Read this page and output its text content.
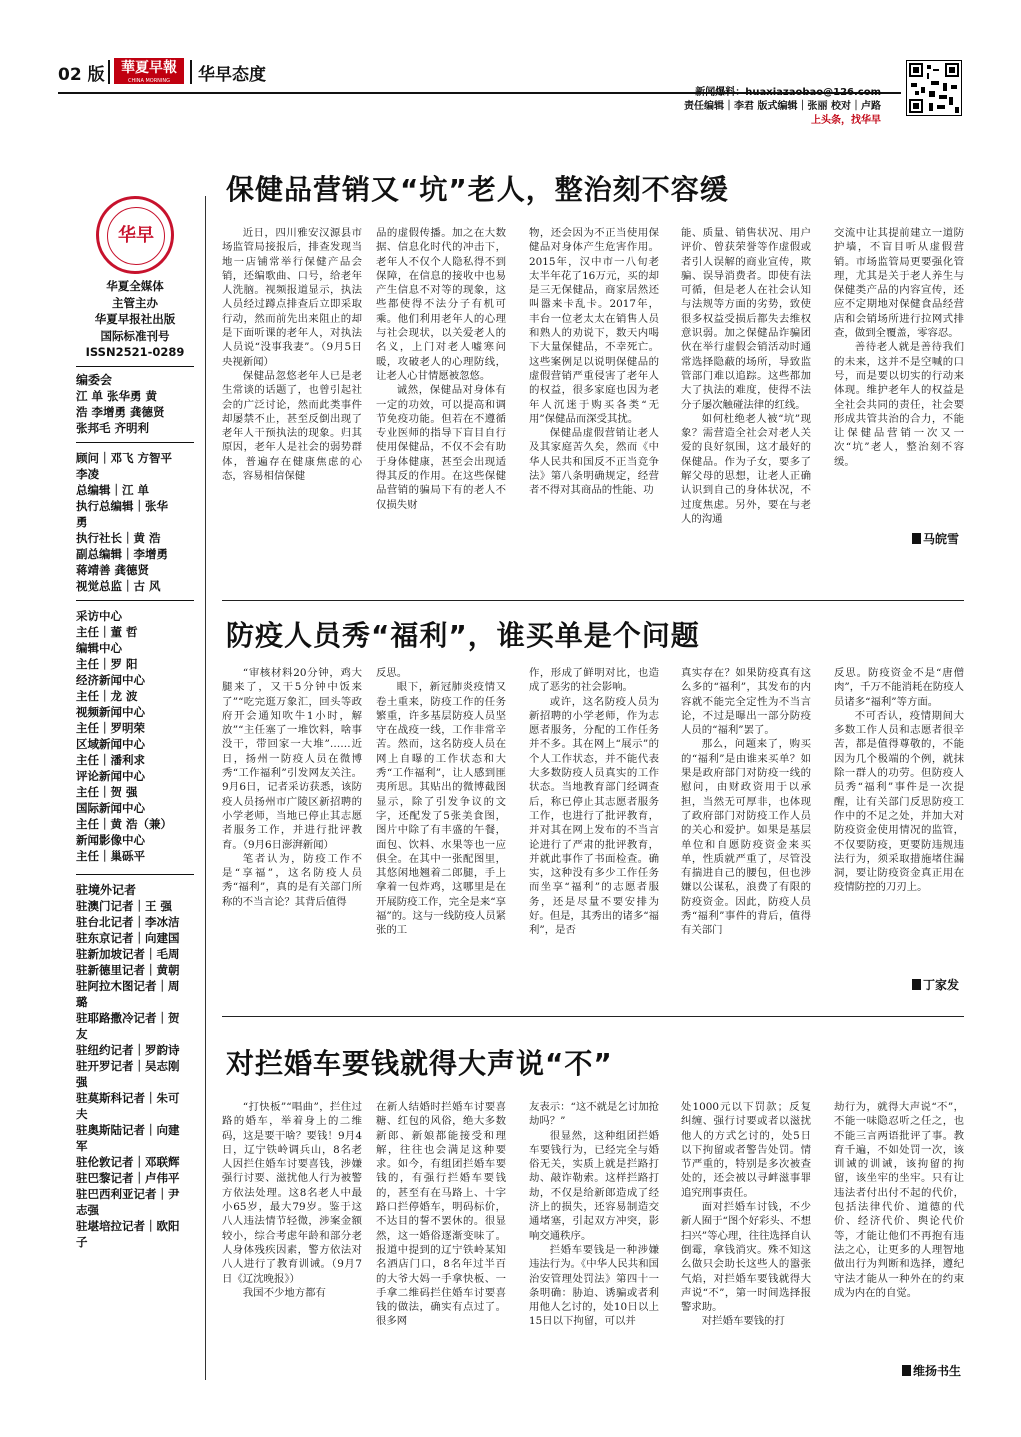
02 版	華夏早報
CHINA MORNING NEWSPAPER
华早态度
新闻爆料：huaxiazaobao@126.com
责任编辑｜李君 版式编辑｜张丽 校对｜卢路
上头条，找华早
华早
华夏全媒体
主管主办
华夏早报社出版
国际标准刊号
ISSN2521-0289
编委会
江 单 张华勇 黄
浩 李增勇 龚德贤
张邦毛 齐明利
顾问｜邓飞 方智平
李凌
总编辑｜江 单
执行总编辑｜张华
勇
执行社长｜黄 浩
副总编辑｜李增勇
蒋靖善 龚德贤
视觉总监｜古 风
采访中心
主任｜董 哲
编辑中心
主任｜罗 阳
经济新闻中心
主任｜龙 波
视频新闻中心
主任｜罗明荣
区域新闻中心
主任｜潘利求
评论新闻中心
主任｜贺 强
国际新闻中心
主任｜黄 浩（兼）
新闻影像中心
主任｜巢砾平
驻境外记者
驻澳门记者｜王 强
驻台北记者｜李冰洁
驻东京记者｜向建国
驻新加坡记者｜毛周
驻新德里记者｜黄朝
驻阿拉木图记者｜周
璐
驻耶路撒冷记者｜贺
友
驻纽约记者｜罗韵诗
驻开罗记者｜吴志刚
强
驻莫斯科记者｜朱可
夫
驻奥斯陆记者｜向建
军
驻伦敦记者｜邓联辉
驻巴黎记者｜卢伟平
驻巴西利亚记者｜尹
志强
驻堪培拉记者｜欧阳
子
保健品营销又“坑”老人，整治刻不容缓

近日，四川雅安汉源县市场监管局接报后，排查发现当地一店铺常举行保健产品会销，还编歌曲、口号，给老年人洗脑。视频报道显示，执法人员经过蹲点排查后立即采取行动，然而前先出来阻止的却是下面听课的老年人，对执法人员说“没事我妻”。（9月5日央视新闻）

保健品忽悠老年人已是老生常谈的话题了，也曾引起社会的广泛讨论，然而此类事件却屡禁不止，甚至反倒出现了老年人干预执法的现象。归其原因，老年人是社会的弱势群体，普遍存在健康焦虑的心态，容易相信保健

品的虚假传播。加之在大数据、信息化时代的冲击下，老年人不仅个人隐私得不到保障，在信息的接收中也易产生信息不对等的现象，这些都使得不法分子有机可乘。他们利用老年人的心理与社会现状，以关爱老人的名义，上门对老人嘘寒问暖，攻破老人的心理防线，让老人心甘情愿被忽悠。

诚然，保健品对身体有一定的功效，可以提高和调节免疫功能。但若在不遵循专业医师的指导下盲目自行使用保健品，不仅不会有助于身体健康，甚至会出现适得其反的作用。在这些保健品营销的骗局下有的老人不仅损失财

物，还会因为不正当使用保健品对身体产生危害作用。2015年，汉中市一八旬老太半年花了16万元，买的却是三无保健品，商家居然还叫嚣来卡乱卡。2017年，丰台一位老太太在销售人员和熟人的劝说下，数天内喝下大量保健品，不幸死亡。这些案例足以说明保健品的虚假营销严重侵害了老年人的权益，很多家庭也因为老年人沉迷于购买各类“无用”保健品而深受其扰。

保健品虚假营销让老人及其家庭苦久矣，然而《中华人民共和国反不正当竞争法》第八条明确规定，经营者不得对其商品的性能、功

能、质量、销售状况、用户评价、曾获荣誉等作虚假或者引人误解的商业宣传，欺骗、误导消费者。即使有法可循，但是老人在社会认知与法规等方面的劣势，致使很多权益受损后都失去维权意识弱。加之保健品诈骗团伙在举行虚假会销活动时通常选择隐蔽的场所，导致监管部门难以追踪。这些都加大了执法的难度，使得不法分子屡次触碰法律的红线。

如何杜绝老人被“坑”现象？需营造全社会对老人关爱的良好氛围，这才最好的保健品。作为子女，要多了解父母的思想，让老人正确认识到自己的身体状况，不过度焦虑。另外，要在与老人的沟通

交流中让其提前建立一道防护墙，不盲目听从虚假营销。市场监管局更要强化管理，尤其是关于老人养生与保健类产品的内容宣传，还应不定期地对保健食品经营店和会销场所进行拉网式排查，做到全覆盖，零容忍。

善待老人就是善待我们的未来，这并不是空喊的口号，而是要以切实的行动来体现。维护老年人的权益是全社会共同的责任，社会要形成共管共治的合力，不能让保健品营销一次又一次“坑”老人，整治刻不容缓。

马皖雪
防疫人员秀“福利”，谁买单是个问题

“审核材料20分钟，鸡大腿来了，又干5分钟中饭来了”“吃完逛万象汇，回头等政府开会通知吹牛1小时，解放”“主任塞了一堆饮料，啥事没干，带回家一大堆”……近日，扬州一防疫人员在微博秀“工作福利”引发网友关注。9月6日，记者采访获悉，该防疫人员扬州市广陵区新招聘的小学老师，当地已停止其志愿者服务工作，并进行批评教育。（9月6日澎湃新闻）

笔者认为，防疫工作不是“享福”，这名防疫人员秀“福利”，真的是有关部门所称的不当言论？其背后值得

反思。

眼下，新冠肺炎疫情又卷土重来，防疫工作的任务繁重，许多基层防疫人员坚守在战疫一线，工作非常辛苦。然而，这名防疫人员在网上自曝的工作状态和大秀“工作福利”，让人感到匪夷所思。其贴出的微博截图显示，除了引发争议的文字，还配发了5张美食图，图片中除了有丰盛的午餐，面包、饮料、水果等也一应俱全。在其中一张配图里，其悠闲地翘着二郎腿，手上拿着一包炸鸡，这哪里是在开展防疫工作，完全是来“享福”的。这与一线防疫人员紧张的工

作，形成了鲜明对比，也造成了恶劣的社会影响。

或许，这名防疫人员为新招聘的小学老师，作为志愿者服务，分配的工作任务并不多。其在网上“展示”的个人工作状态，并不能代表大多数防疫人员真实的工作状态。当地教育部门经调查后，称已停止其志愿者服务工作，也进行了批评教育，并对其在网上发布的不当言论进行了严肃的批评教育，并就此事作了书面检查。确实，这种没有多少工作任务而坐享“福利”的志愿者服务，还是尽量不要安排为好。但是，其秀出的诸多“福利”，是否

真实存在？如果防疫真有这么多的“福利”，其发布的内容就不能完全定性为不当言论，不过是曝出一部分防疫人员的“福利”罢了。

那么，问题来了，购买的“福利”是由谁来买单？如果是政府部门对防疫一线的慰问，由财政资用于以承担，当然无可厚非，也体现了政府部门对防疫工作人员的关心和爱护。如果是基层单位和自愿防疫资金来买单，性质就严重了，尽管没有揣进自己的腰包，但也涉嫌以公谋私，浪费了有限的防疫资金。因此，防疫人员秀“福利”事件的背后，值得有关部门

反思。防疫资金不是“唐僧肉”，千万不能消耗在防疫人员诸多“福利”等方面。

不可否认，疫情期间大多数工作人员和志愿者很辛苦，都是值得尊敬的，不能因为几个极端的个例，就抹除一群人的功劳。但防疫人员秀“福利”事件是一次提醒，让有关部门反思防疫工作中的不足之处，并加大对防疫资金使用情况的监管，不仅要防疫，更要防违规违法行为，须采取措施堵住漏洞，要让防疫资金真正用在疫情防控的刀刃上。

丁家发
对拦婚车要钱就得大声说“不”

“打快板”“唱曲”，拦住过路的婚车，举着身上的二维码，这是要干啥？要钱！9月4日，辽宁铁岭调兵山，8名老人因拦住婚车讨要喜钱，涉嫌强行讨要、滋扰他人行为被警方依法处理。这8名老人中最小65岁，最大79岁。鉴于这八人违法情节轻微，涉案金额较小，综合考虑年龄和部分老人身体残疾因素，警方依法对八人进行了教育训诫。（9月7日《辽沈晚报》）

我国不少地方都有

在新人结婚时拦婚车讨要喜糖、红包的风俗，绝大多数新郎、新娘都能接受和理解，往往也会满足这种要求。如今，有组团拦婚车要钱的，有强行拦婚车要钱的，甚至有在马路上、十字路口拦停婚车，明码标价，不达目的誓不罢休的。很显然，这一婚俗逐渐变味了。报道中提到的辽宁铁岭某知名酒店门口，8名年过半百的大爷大妈一手拿快板、一手拿二维码拦住婚车讨要喜钱的做法，确实有点过了。很多网

友表示：“这不就是乞讨加抢劫吗？”

很显然，这种组团拦婚车要钱行为，已经完全与婚俗无关，实质上就是拦路打劫、敲诈勒索。这样拦路打劫，不仅是给新郎造成了经济上的损失，还容易制造交通堵塞，引起双方冲突，影响交通秩序。

拦婚车要钱是一种涉嫌违法行为。《中华人民共和国治安管理处罚法》第四十一条明确：胁迫、诱骗或者利用他人乞讨的，处10日以上15日以下拘留，可以并

处1000元以下罚款；反复纠缠、强行讨要或者以滋扰他人的方式乞讨的，处5日以下拘留或者警告处罚。情节严重的，特别是多次被查处的，还会被以寻衅滋事罪追究刑事责任。

面对拦婚车讨钱，不少新人囿于“图个好彩头、不想扫兴”等心理，往往选择自认倒霉，拿钱消灾。殊不知这么做只会助长这些人的嚣张气焰，对拦婚车要钱就得大声说“不”，第一时间选择报警求助。

对拦婚车要钱的打

劫行为，就得大声说“不”，不能一味隐忍听之任之，也不能三言两语批评了事。教育千遍，不如处罚一次，该训诫的训诫，该拘留的拘留，该坐牢的坐牢。只有让违法者付出付不起的代价，包括法律代价、道德的代价、经济代价、舆论代价等，才能让他们不再抱有违法之心，让更多的人理智地做出行为判断和选择，遵纪守法才能从一种外在的约束成为内在的自觉。

维扬书生
